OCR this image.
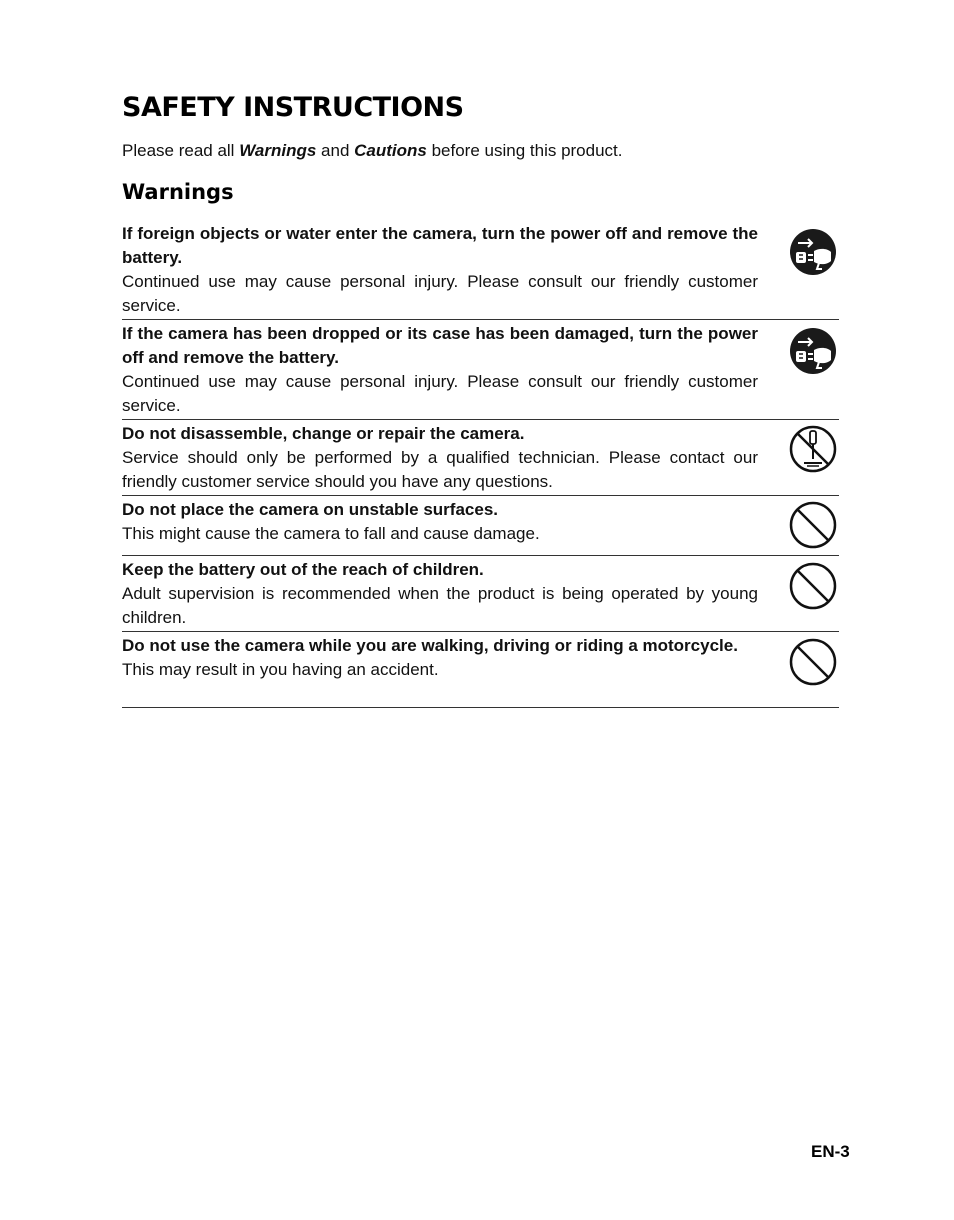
SAFETY INSTRUCTIONS
Please read all Warnings and Cautions before using this product.
Warnings
If foreign objects or water enter the camera, turn the power off and remove the battery.
Continued use may cause personal injury. Please consult our friendly customer service.
If the camera has been dropped or its case has been damaged, turn the power off and remove the battery.
Continued use may cause personal injury. Please consult our friendly customer service.
Do not disassemble, change or repair the camera.
Service should only be performed by a qualified technician. Please contact our friendly customer service should you have any questions.
Do not place the camera on unstable surfaces.
This might cause the camera to fall and cause damage.
Keep the battery out of the reach of children.
Adult supervision is recommended when the product is being operated by young children.
Do not use the camera while you are walking, driving or riding a motorcycle.
This may result in you having an accident.
EN-3
